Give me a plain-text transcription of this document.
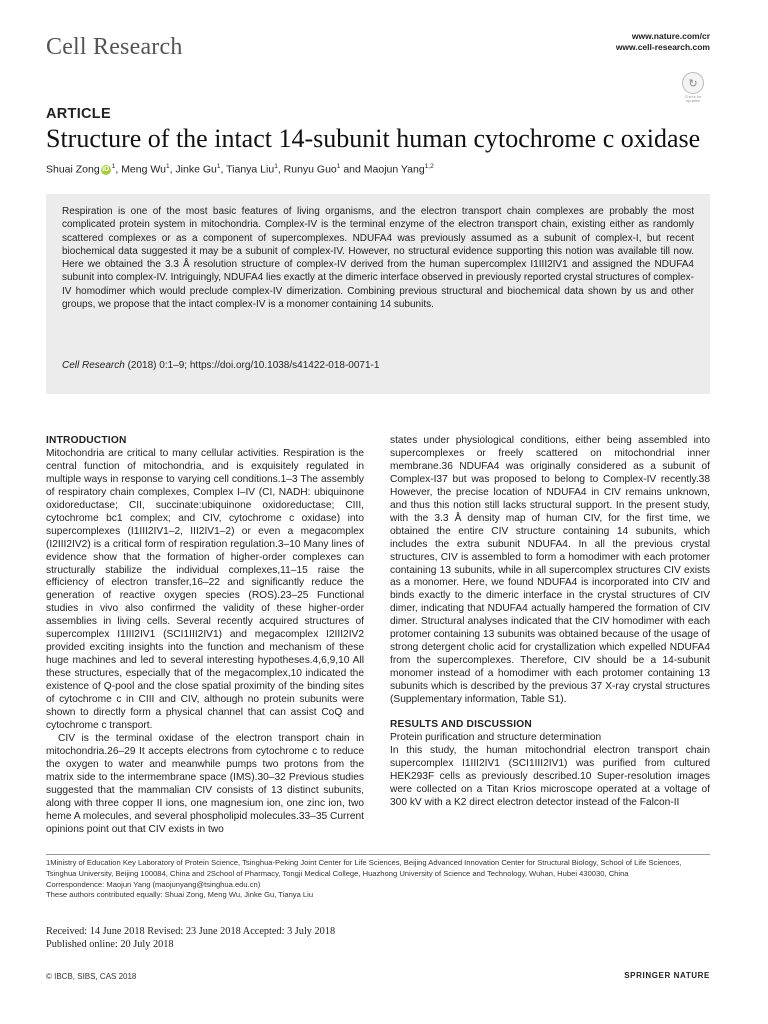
Cell Research	www.nature.com/cr
www.cell-research.com
↻
Check for updates
ARTICLE
Structure of the intact 14-subunit human cytochrome c oxidase
Shuai Zong iD $^1$, Meng Wu$^1$, Jinke Gu$^1$, Tianya Liu$^1$, Runyu Guo$^1$ and Maojun Yang$^{1,2}$
Respiration is one of the most basic features of living organisms, and the electron transport chain complexes are probably the most complicated protein system in mitochondria. Complex-IV is the terminal enzyme of the electron transport chain, existing either as randomly scattered complexes or as a component of supercomplexes. NDUFA4 was previously assumed as a subunit of complex-I, but recent biochemical data suggested it may be a subunit of complex-IV. However, no structural evidence supporting this notion was available till now. Here we obtained the 3.3 Å resolution structure of complex-IV derived from the human supercomplex I1III2IV1 and assigned the NDUFA4 subunit into complex-IV. Intriguingly, NDUFA4 lies exactly at the dimeric interface observed in previously reported crystal structures of complex-IV homodimer which would preclude complex-IV dimerization. Combining previous structural and biochemical data shown by us and other groups, we propose that the intact complex-IV is a monomer containing 14 subunits.
Cell Research (2018) 0:1–9; https://doi.org/10.1038/s41422-018-0071-1

INTRODUCTION

Mitochondria are critical to many cellular activities. Respiration is the central function of mitochondria, and is exquisitely regulated in multiple ways in response to varying cell conditions.1–3 The assembly of respiratory chain complexes, Complex I–IV (CI, NADH: ubiquinone oxidoreductase; CII, succinate:ubiquinone oxidoreductase; CIII, cytochrome bc1 complex; and CIV, cytochrome c oxidase) into supercomplexes (I1III2IV1–2, III2IV1–2) or even a megacomplex (I2III2IV2) is a critical form of respiration regulation.3–10 Many lines of evidence show that the formation of higher-order complexes can structurally stabilize the individual complexes,11–15 raise the efficiency of electron transfer,16–22 and significantly reduce the generation of reactive oxygen species (ROS).23–25 Functional studies in vivo also confirmed the validity of these higher-order assemblies in living cells. Several recently acquired structures of supercomplex I1III2IV1 (SCI1III2IV1) and megacomplex I2III2IV2 provided exciting insights into the function and mechanism of these huge machines and led to several interesting hypotheses.4,6,9,10 All these structures, especially that of the megacomplex,10 indicated the existence of Q-pool and the close spatial proximity of the binding sites of cytochrome c in CIII and CIV, although no protein subunits were shown to directly form a physical channel that can assist CoQ and cytochrome c transport.

CIV is the terminal oxidase of the electron transport chain in mitochondria.26–29 It accepts electrons from cytochrome c to reduce the oxygen to water and meanwhile pumps two protons from the matrix side to the intermembrane space (IMS).30–32 Previous studies suggested that the mammalian CIV consists of 13 distinct subunits, along with three copper II ions, one magnesium ion, one zinc ion, two heme A molecules, and several phospholipid molecules.33–35 Current opinions point out that CIV exists in two

states under physiological conditions, either being assembled into supercomplexes or freely scattered on mitochondrial inner membrane.36 NDUFA4 was originally considered as a subunit of Complex-I37 but was proposed to belong to Complex-IV recently.38 However, the precise location of NDUFA4 in CIV remains unknown, and thus this notion still lacks structural support. In the present study, with the 3.3 Å density map of human CIV, for the first time, we obtained the entire CIV structure containing 14 subunits, which includes the extra subunit NDUFA4. In all the previous crystal structures, CIV is assembled to form a homodimer with each protomer containing 13 subunits, while in all supercomplex structures CIV exists as a monomer. Here, we found NDUFA4 is incorporated into CIV and binds exactly to the dimeric interface in the crystal structures of CIV dimer, indicating that NDUFA4 actually hampered the formation of CIV dimer. Structural analyses indicated that the CIV homodimer with each protomer containing 13 subunits was obtained because of the usage of strong detergent cholic acid for crystallization which expelled NDUFA4 from the supercomplexes. Therefore, CIV should be a 14-subunit monomer instead of a homodimer with each protomer containing 13 subunits which is described by the previous 37 X-ray crystal structures (Supplementary information, Table S1).

RESULTS AND DISCUSSION

Protein purification and structure determination

In this study, the human mitochondrial electron transport chain supercomplex I1III2IV1 (SCI1III2IV1) was purified from cultured HEK293F cells as previously described.10 Super-resolution images were collected on a Titan Krios microscope operated at a voltage of 300 kV with a K2 direct electron detector instead of the Falcon-II

1Ministry of Education Key Laboratory of Protein Science, Tsinghua-Peking Joint Center for Life Sciences, Beijing Advanced Innovation Center for Structural Biology, School of Life Sciences, Tsinghua University, Beijing 100084, China and 2School of Pharmacy, Tongji Medical College, Huazhong University of Science and Technology, Wuhan, Hubei 430030, China
Correspondence: Maojun Yang (maojunyang@tsinghua.edu.cn)
These authors contributed equally: Shuai Zong, Meng Wu, Jinke Gu, Tianya Liu
Received: 14 June 2018 Revised: 23 June 2018 Accepted: 3 July 2018
Published online: 20 July 2018
© IBCB, SIBS, CAS 2018	SPRINGER NATURE
